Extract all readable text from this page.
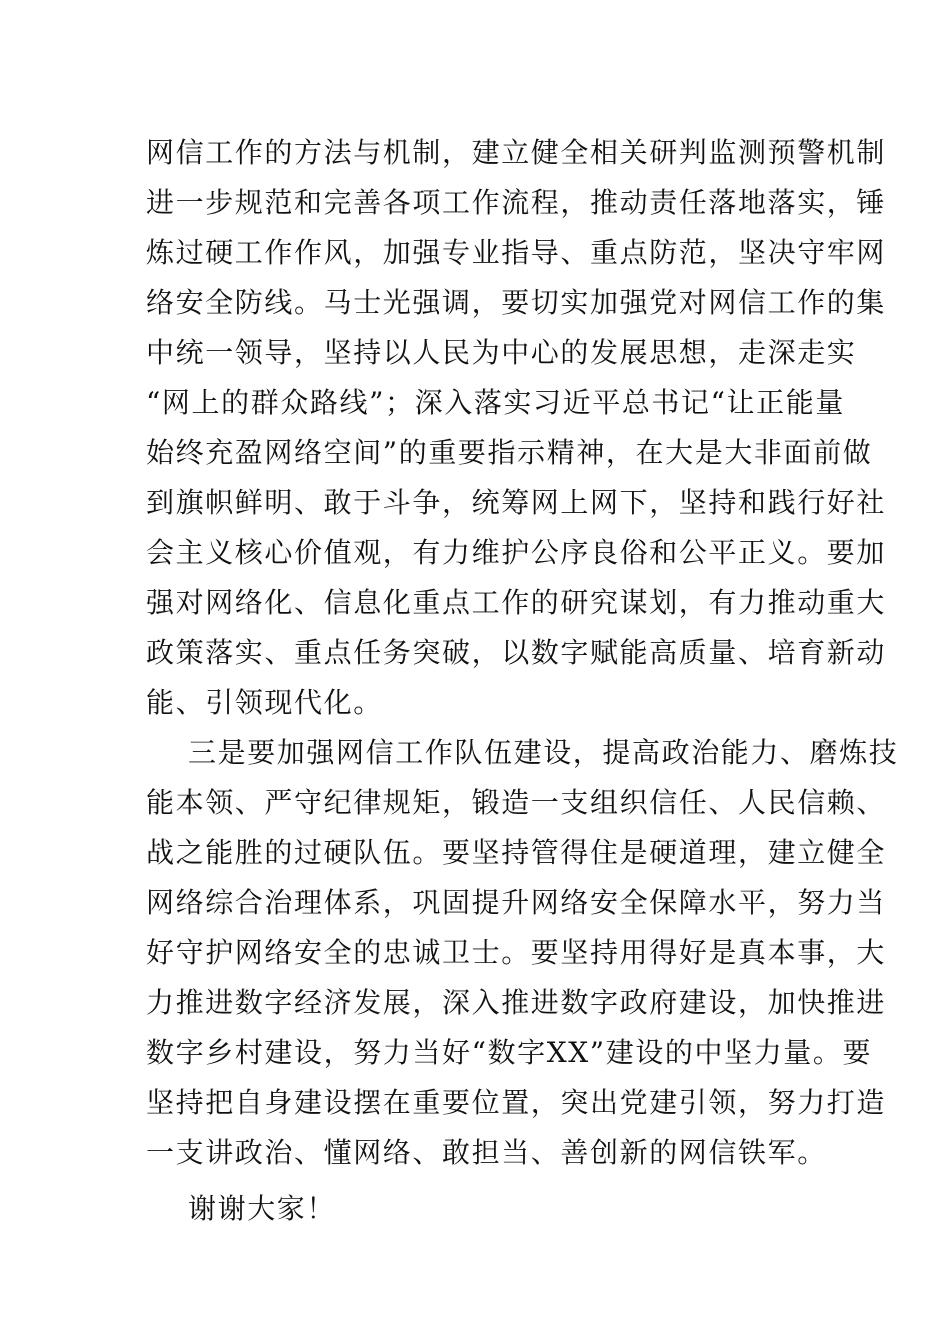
网信工作的方法与机制，建立健全相关研判监测预警机制
进一步规范和完善各项工作流程，推动责任落地落实，锤
炼过硬工作作风，加强专业指导、重点防范，坚决守牢网
络安全防线。马士光强调，要切实加强党对网信工作的集
中统一领导，坚持以人民为中心的发展思想，走深走实
“网上的群众路线”；深入落实习近平总书记“让正能量
始终充盈网络空间”的重要指示精神，在大是大非面前做
到旗帜鲜明、敢于斗争，统筹网上网下，坚持和践行好社
会主义核心价值观，有力维护公序良俗和公平正义。要加
强对网络化、信息化重点工作的研究谋划，有力推动重大
政策落实、重点任务突破，以数字赋能高质量、培育新动
能、引领现代化。
三是要加强网信工作队伍建设，提高政治能力、磨炼技
能本领、严守纪律规矩，锻造一支组织信任、人民信赖、
战之能胜的过硬队伍。要坚持管得住是硬道理，建立健全
网络综合治理体系，巩固提升网络安全保障水平，努力当
好守护网络安全的忠诚卫士。要坚持用得好是真本事，大
力推进数字经济发展，深入推进数字政府建设，加快推进
数字乡村建设，努力当好“数字XX”建设的中坚力量。要
坚持把自身建设摆在重要位置，突出党建引领，努力打造
一支讲政治、懂网络、敢担当、善创新的网信铁军。
谢谢大家！
